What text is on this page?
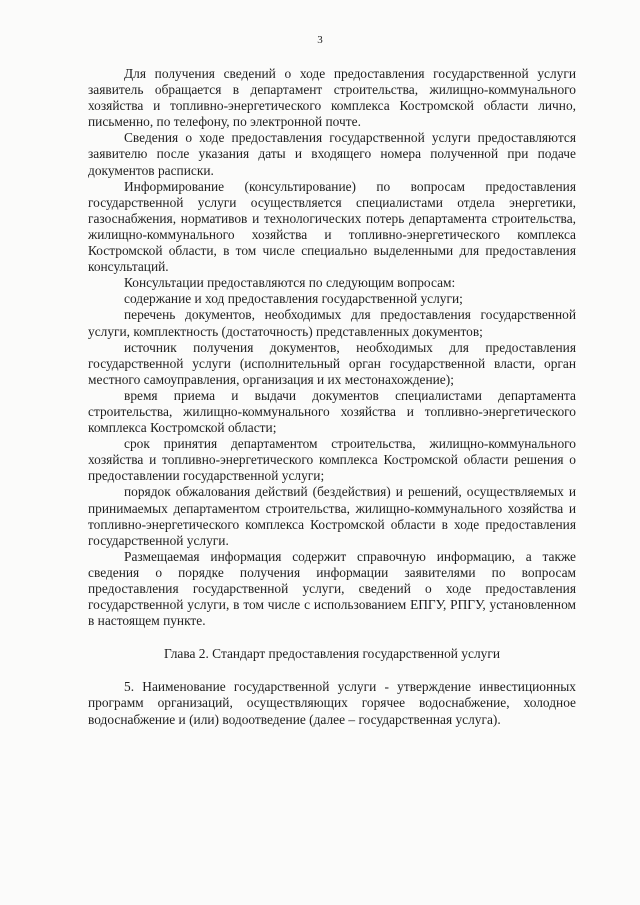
3

Для получения сведений о ходе предоставления государственной услуги заявитель обращается в департамент строительства, жилищно-коммунального хозяйства и топливно-энергетического комплекса Костромской области лично, письменно, по телефону, по электронной почте.

Сведения о ходе предоставления государственной услуги предоставляются заявителю после указания даты и входящего номера полученной при подаче документов расписки.

Информирование (консультирование) по вопросам предоставления государственной услуги осуществляется специалистами отдела энергетики, газоснабжения, нормативов и технологических потерь департамента строительства, жилищно-коммунального хозяйства и топливно-энергетического комплекса Костромской области, в том числе специально выделенными для предоставления консультаций.

Консультации предоставляются по следующим вопросам:

содержание и ход предоставления государственной услуги;

перечень документов, необходимых для предоставления государственной услуги, комплектность (достаточность) представленных документов;

источник получения документов, необходимых для предоставления государственной услуги (исполнительный орган государственной власти, орган местного самоуправления, организация и их местонахождение);

время приема и выдачи документов специалистами департамента строительства, жилищно-коммунального хозяйства и топливно-энергетического комплекса Костромской области;

срок принятия департаментом строительства, жилищно-коммунального хозяйства и топливно-энергетического комплекса Костромской области решения о предоставлении государственной услуги;

порядок обжалования действий (бездействия) и решений, осуществляемых и принимаемых департаментом строительства, жилищно-коммунального хозяйства и топливно-энергетического комплекса Костромской области в ходе предоставления государственной услуги.

Размещаемая информация содержит справочную информацию, а также сведения о порядке получения информации заявителями по вопросам предоставления государственной услуги, сведений о ходе предоставления государственной услуги, в том числе с использованием ЕПГУ, РПГУ, установленном в настоящем пункте.

Глава 2. Стандарт предоставления государственной услуги

5. Наименование государственной услуги - утверждение инвестиционных программ организаций, осуществляющих горячее водоснабжение, холодное водоснабжение и (или) водоотведение (далее – государственная услуга).
